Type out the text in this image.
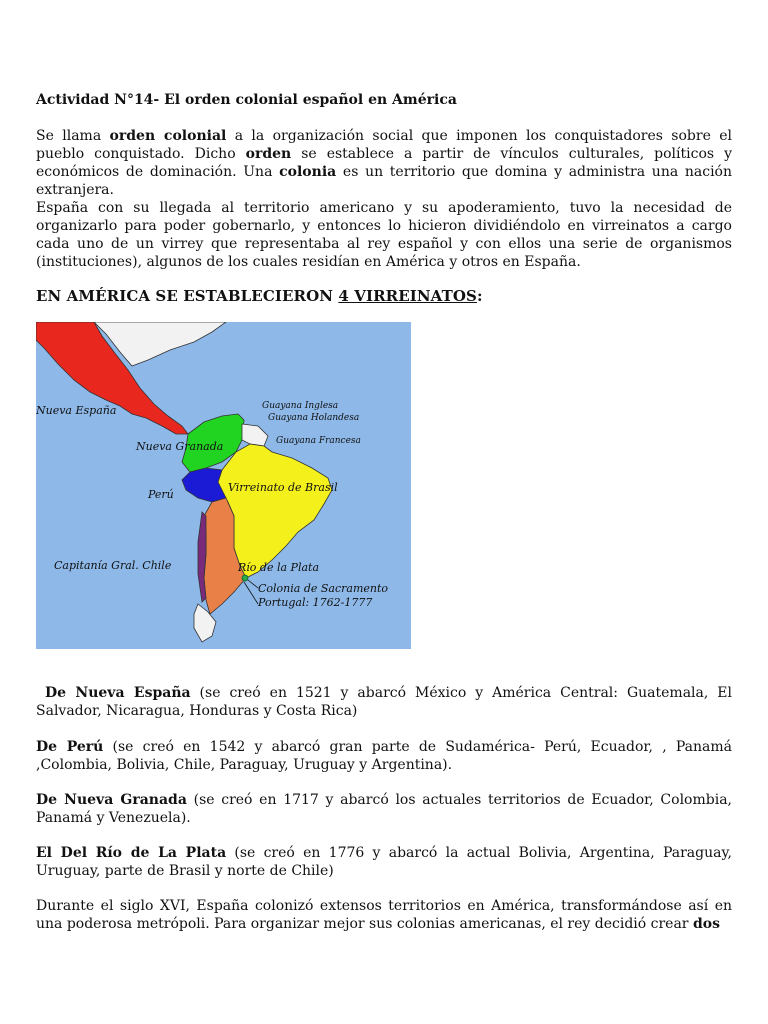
Actividad N°14- El orden colonial español en América

Se llama orden colonial a la organización social que imponen los conquistadores sobre el pueblo conquistado. Dicho orden se establece a partir de vínculos culturales, políticos y económicos de dominación. Una colonia es un territorio que domina y administra una nación extranjera.

España con su llegada al territorio americano y su apoderamiento, tuvo la necesidad de organizarlo para poder gobernarlo, y entonces lo hicieron dividiéndolo en virreinatos a cargo cada uno de un virrey que representaba al rey español y con ellos una serie de organismos (instituciones), algunos de los cuales residían en América y otros en España.

EN AMÉRICA SE ESTABLECIERON 4 VIRREINATOS:

Nueva España	Guayana Inglesa
Guayana Holandesa
Guayana Francesa
Nueva Granada
Perú
Virreinato de Brasil
Capitanía Gral. Chile	Río de la Plata
Colonia de Sacramento
Portugal: 1762-1777

De Nueva España (se creó en 1521 y abarcó México y América Central: Guatemala, El Salvador, Nicaragua, Honduras y Costa Rica)

De Perú (se creó en 1542 y abarcó gran parte de Sudamérica- Perú, Ecuador, , Panamá ,Colombia, Bolivia, Chile, Paraguay, Uruguay y Argentina).

De Nueva Granada (se creó en 1717 y abarcó los actuales territorios de Ecuador, Colombia, Panamá y Venezuela).

El Del Río de La Plata (se creó en 1776 y abarcó la actual Bolivia, Argentina, Paraguay, Uruguay, parte de Brasil y norte de Chile)

Durante el siglo XVI, España colonizó extensos territorios en América, transformándose así en una poderosa metrópoli. Para organizar mejor sus colonias americanas, el rey decidió crear dos
